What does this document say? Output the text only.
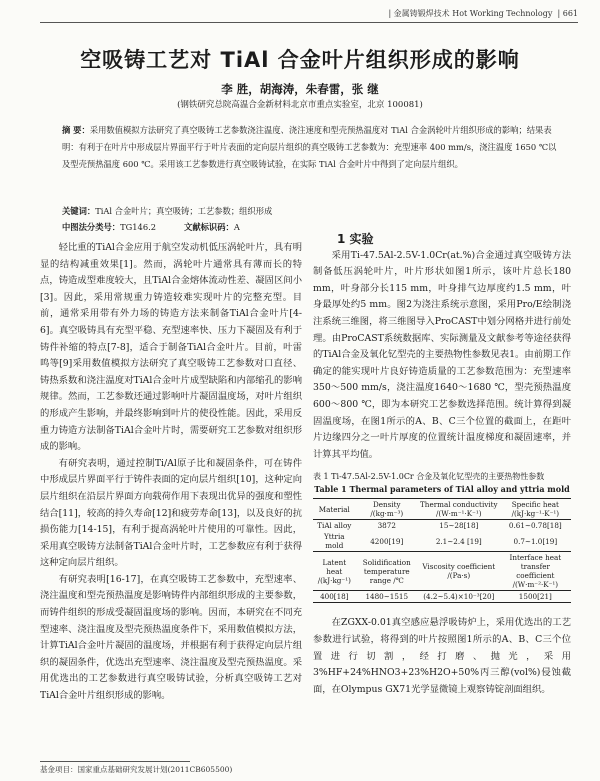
| 金属铸锻焊技术 Hot Working Technology | 661
空吸铸工艺对 TiAl 合金叶片组织形成的影响
李 胜，胡海涛，朱春雷，张 继
(钢铁研究总院高温合金新材料北京市重点实验室，北京 100081)
摘 要：采用数值模拟方法研究了真空吸铸工艺参数浇注温度、浇注速度和型壳预热温度对 TiAl 合金涡轮叶片组织形成的影响；结果表明：有利于在叶片中形成层片界面平行于叶片表面的定向层片组织的真空吸铸工艺参数为：充型速率 400 mm/s，浇注温度 1650 ℃以及型壳预热温度 600 ℃。采用该工艺参数进行真空吸铸试验，在实际 TiAl 合金叶片中得到了定向层片组织。
关键词：TiAl 合金叶片；真空吸铸；工艺参数；组织形成
中图法分类号：TG146.2	文献标识码：A

轻比重的TiAl合金应用于航空发动机低压涡轮叶片，具有明显的结构减重效果[1]。然而，涡轮叶片通常具有薄而长的特点，铸造成型难度较大，且TiAl合金熔体流动性差、凝固区间小[3]。因此，采用常规重力铸造较难实现叶片的完整充型。目前，通常采用带有外力场的铸造方法来制备TiAl合金叶片[4-6]。真空吸铸具有充型平稳、充型速率快、压力下凝固及有利于铸件补缩的特点[7-8]，适合于制备TiAl合金叶片。目前，叶雷鸣等[9]采用数值模拟方法研究了真空吸铸工艺参数对口直径、铸热系数和浇注温度对TiAl合金叶片成型缺陷和内部缩孔的影响规律。然而，工艺参数还通过影响叶片凝固温度场，对叶片组织的形成产生影响，并最终影响到叶片的使役性能。因此，采用反重力铸造方法制备TiAl合金叶片时，需要研究工艺参数对组织形成的影响。

有研究表明，通过控制Ti/Al原子比和凝固条件，可在铸件中形成层片界面平行于铸件表面的定向层片组织[10]，这种定向层片组织在沿层片界面方向载荷作用下表现出优异的强度和塑性结合[11]，较高的持久寿命[12]和疲劳寿命[13]，以及良好的抗损伤能力[14-15]，有利于提高涡轮叶片使用的可靠性。因此，采用真空吸铸方法制备TiAl合金叶片时，工艺参数应有利于获得这种定向层片组织。

有研究表明[16-17]，在真空吸铸工艺参数中，充型速率、浇注温度和型壳预热温度是影响铸件内部组织形成的主要参数，而铸件组织的形成受凝固温度场的影响。因而，本研究在不同充型速率、浇注温度及型壳预热温度条件下，采用数值模拟方法，计算TiAl合金叶片凝固的温度场，并根据有利于获得定向层片组织的凝固条件，优选出充型速率、浇注温度及型壳预热温度。采用优选出的工艺参数进行真空吸铸试验，分析真空吸铸工艺对TiAl合金叶片组织形成的影响。

1 实验

采用Ti-47.5Al-2.5V-1.0Cr(at.%)合金通过真空吸铸方法制备低压涡轮叶片，叶片形状如图1所示，该叶片总长180 mm，叶身部分长115 mm，叶身排气边厚度约1.5 mm，叶身最厚处约5 mm。图2为浇注系统示意图，采用Pro/E绘制浇注系统三维图，将三维图导入ProCAST中划分网格并进行前处理。由ProCAST系统数据库、实际测量及文献参考等途径获得的TiAl合金及氧化钇型壳的主要热物性参数见表1。由前期工作确定的能实现叶片良好铸造质量的工艺参数范围为：充型速率350～500 mm/s，浇注温度1640～1680 ℃，型壳预热温度600～800 ℃，即为本研究工艺参数选择范围。统计算得到凝固温度场，在图1所示的A、B、C三个位置的截面上，在距叶片边缘四分之一叶片厚度的位置统计温度梯度和凝固速率，并计算其平均值。

表 1 Ti-47.5Al-2.5V-1.0Cr 合金及氧化钇型壳的主要热物性参数
Table 1 Thermal parameters of TiAl alloy and yttria mold
Material	Density /(kg·m⁻³)	Thermal conductivity /(W·m⁻¹·K⁻¹)	Specific heat /(kJ·kg⁻¹·K⁻¹)
TiAl alloy	3872	15~28[18]	0.61~0.78[18]
Yttria mold	4200[19]	2.1~2.4 [19]	0.7~1.0[19]
Latent heat /(kJ·kg⁻¹)	Solidification temperature range /℃	Viscosity coefficient /(Pa·s)	Interface heat transfer coefficient /(W·m⁻²·K⁻¹)
400[18]	1480~1515	(4.2~5.4)×10⁻³[20]	1500[21]

在ZGXX-0.01真空感应悬浮吸铸炉上，采用优选出的工艺参数进行试验，将得到的叶片按照图1所示的A、B、C三个位置进行切割，经打磨、抛光，采用3%HF+24%HNO3+23%H2O+50%丙三醇(vol%)侵蚀截面，在Olympus GX71光学显微镜上观察铸锭剖面组织。

基金项目：国家重点基础研究发展计划(2011CB605500)
